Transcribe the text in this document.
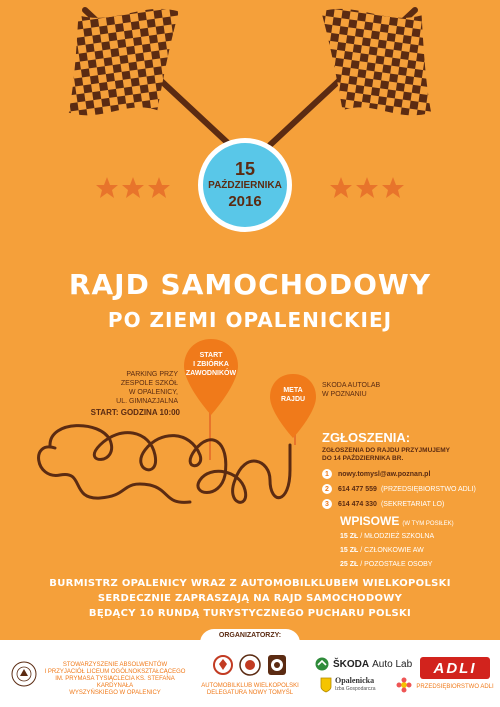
15
PAŹDZIERNIKA
2016
RAJD SAMOCHODOWY
PO ZIEMI OPALENICKIEJ
START
I ZBIÓRKA
ZAWODNIKÓW
META
RAJDU
PARKING PRZY
ZESPOLE SZKÓŁ
W OPALENICY,
UL. GIMNAZJALNA
START: GODZINA 10:00
SKODA AUTOLAB
W POZNANIU
ZGŁOSZENIA:
ZGŁOSZENIA DO RAJDU PRZYJMUJEMY
DO 14 PAŹDZIERNIKA BR.
1	nowy.tomysl@aw.poznan.pl
2	614 477 559 (PRZEDSIĘBIORSTWO ADLI)
3	614 474 330 (SEKRETARIAT LO)
WPISOWE (W TYM POSIŁEK)
15 ZŁ / MŁODZIEŻ SZKOLNA
15 ZŁ / CZŁONKOWIE AW
25 ZŁ / POZOSTAŁE OSOBY
BURMISTRZ OPALENICY WRAZ Z AUTOMOBILKLUBEM WIELKOPOLSKI
SERDECZNIE ZAPRASZAJĄ NA RAJD SAMOCHODOWY
BĘDĄCY 10 RUNDĄ TURYSTYCZNEGO PUCHARU POLSKI
ORGANIZATORZY:
STOWARZYSZENIE ABSOLWENTÓW
I PRZYJACIÓŁ LICEUM OGÓLNOKSZTAŁCĄCEGO
IM. PRYMASA TYSIĄCLECIA KS. STEFANA KARDYNAŁA
WYSZYŃSKIEGO W OPALENICY
AUTOMOBILKLUB WIELKOPOLSKI
DELEGATURA NOWY TOMYŚL
ŠKODA Auto Lab
Opalenicka
Izba Gospodarcza
ADLI
PRZEDSIĘBIORSTWO ADLI
